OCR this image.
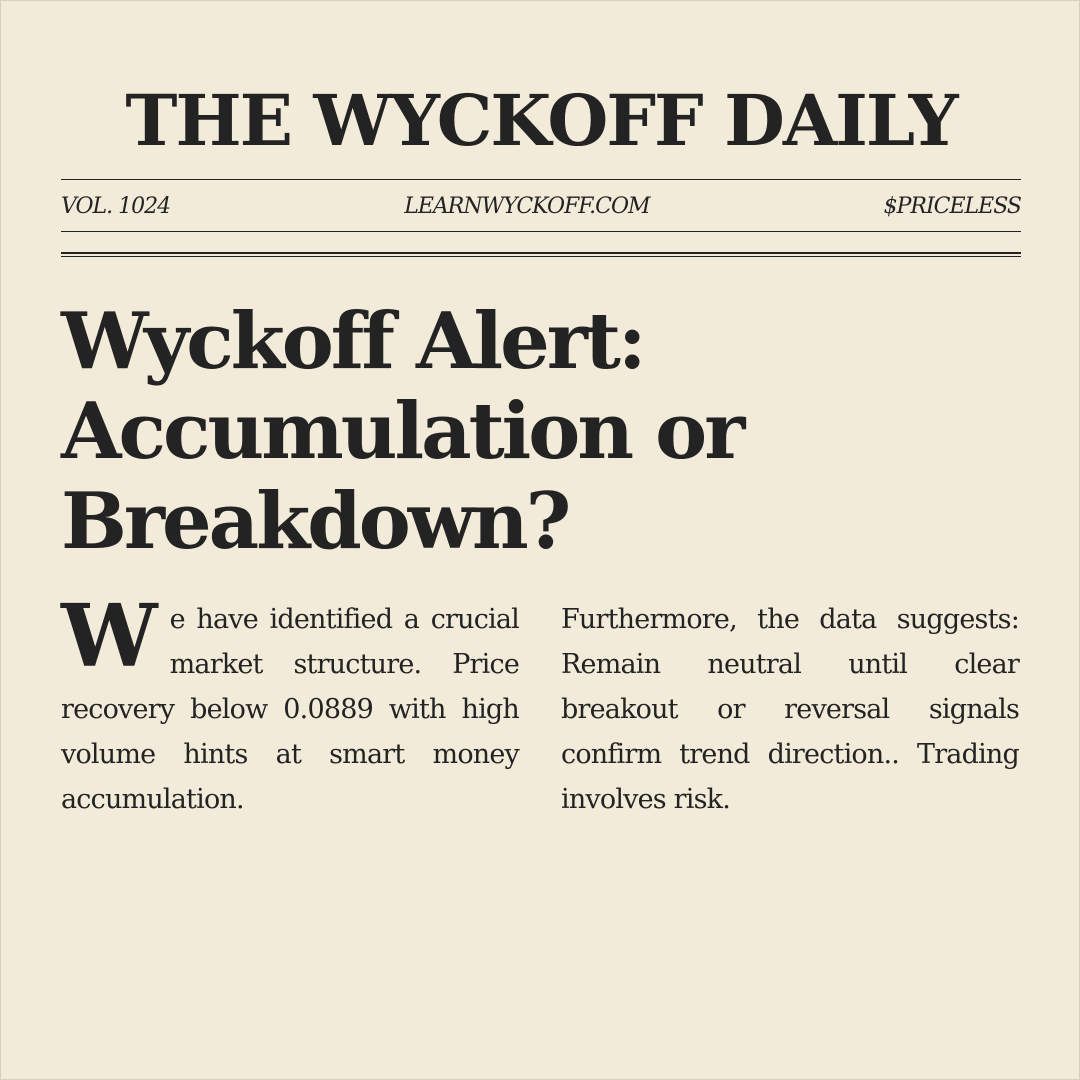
THE WYCKOFF DAILY
VOL. 1024	LEARNWYCKOFF.COM	$PRICELESS
Wyckoff Alert:
Accumulation or
Breakdown?
W e have identified a crucial market structure. Price recovery below 0.0889 with high volume hints at smart money accumulation.
Furthermore, the data suggests: Remain neutral until clear breakout or reversal signals confirm trend direction.. Trading involves risk.
